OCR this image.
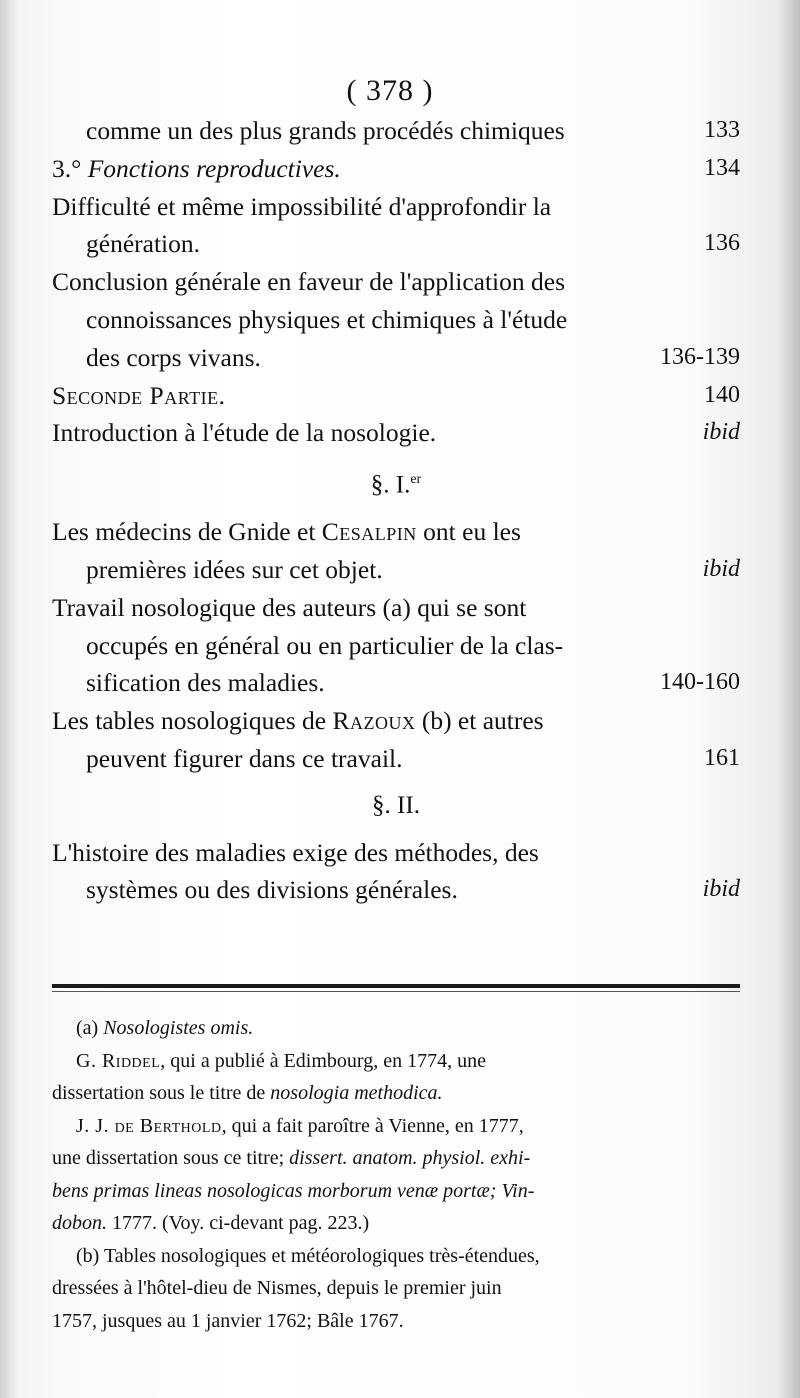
( 378 )
comme un des plus grands procédés chimiques	133
3.° Fonctions reproductives.	134
Difficulté et même impossibilité d'approfondir la
génération.	136
Conclusion générale en faveur de l'application des
connoissances physiques et chimiques à l'étude
des corps vivans.	136-139
Seconde Partie.	140
Introduction à l'étude de la nosologie.	ibid
§. I.$^{er}$
Les médecins de Gnide et Cesalpin ont eu les
premières idées sur cet objet.	ibid
Travail nosologique des auteurs (a) qui se sont
occupés en général ou en particulier de la clas-
sification des maladies.	140-160
Les tables nosologiques de Razoux (b) et autres
peuvent figurer dans ce travail.	161
§. II.
L'histoire des maladies exige des méthodes, des
systèmes ou des divisions générales.	ibid
(a) Nosologistes omis.
G. Riddel, qui a publié à Edimbourg, en 1774, une
dissertation sous le titre de nosologia methodica.
J. J. de Berthold, qui a fait paroître à Vienne, en 1777,
une dissertation sous ce titre; dissert. anatom. physiol. exhi-
bens primas lineas nosologicas morborum venæ portæ; Vin-
dobon. 1777. (Voy. ci-devant pag. 223.)
(b) Tables nosologiques et météorologiques très-étendues,
dressées à l'hôtel-dieu de Nismes, depuis le premier juin
1757, jusques au 1 janvier 1762; Bâle 1767.
